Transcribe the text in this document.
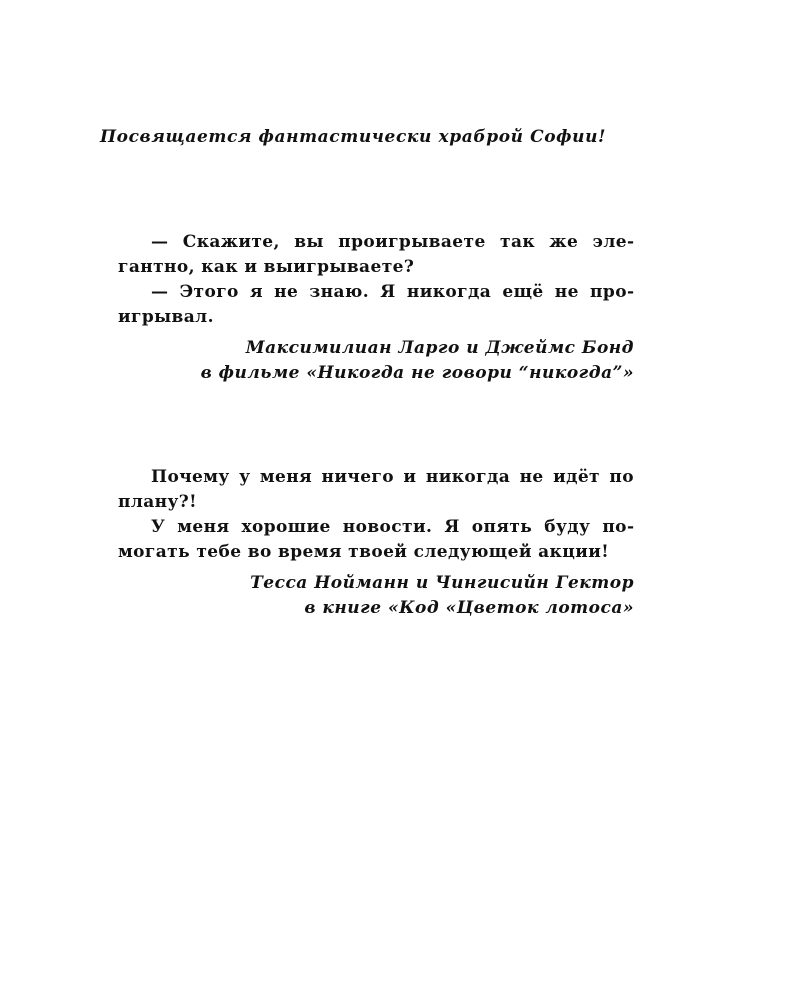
Посвящается фантастически храброй Софии!

— Скажите, вы проигрываете так же элегантно, как и выигрываете?

— Этого я не знаю. Я никогда ещё не проигрывал.

Максимилиан Ларго и Джеймс Бонд
в фильме «Никогда не говори “никогда”»

Почему у меня ничего и никогда не идёт по плану?!

У меня хорошие новости. Я опять буду помогать тебе во время твоей следующей акции!

Тесса Нойманн и Чингисийн Гектор
в книге «Код «Цветок лотоса»
